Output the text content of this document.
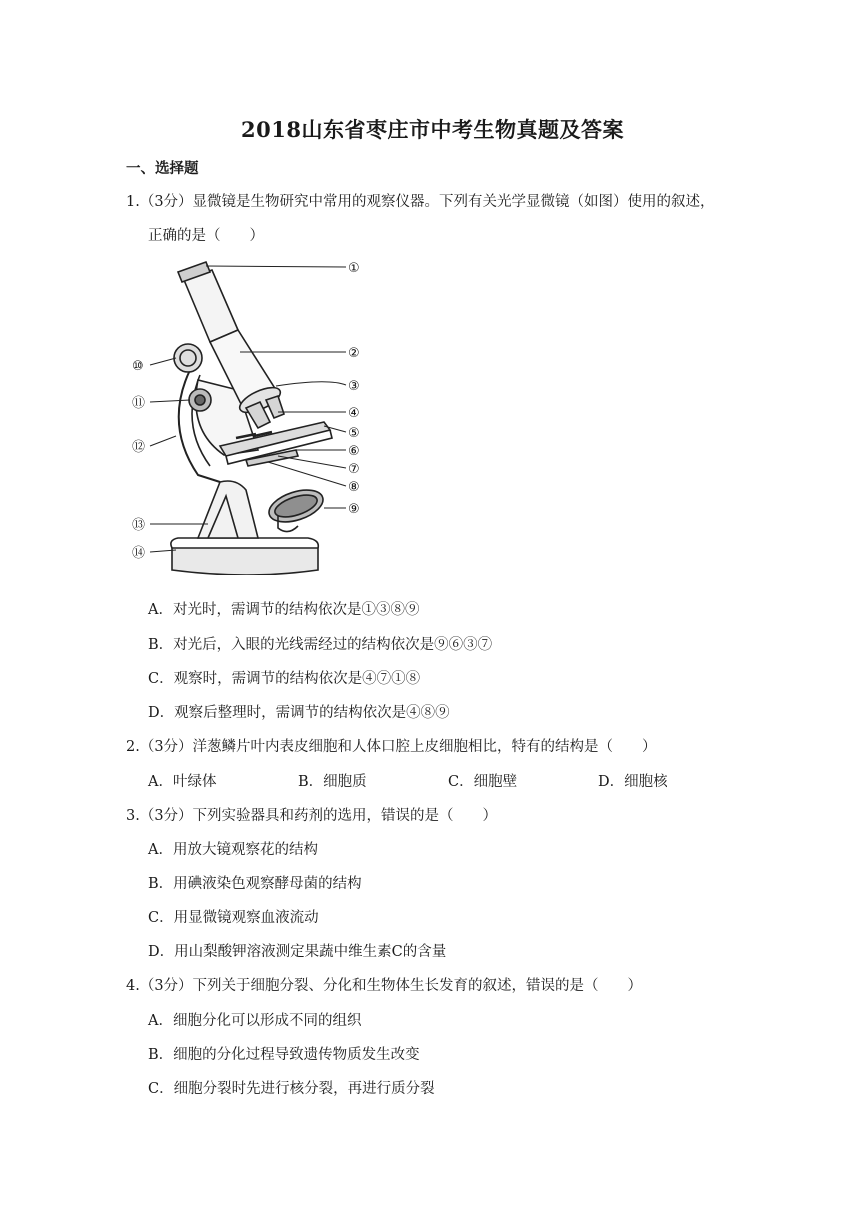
2018山东省枣庄市中考生物真题及答案
一、选择题
1.（3分）显微镜是生物研究中常用的观察仪器。下列有关光学显微镜（如图）使用的叙述，
正确的是（　　）
①
②
③
④
⑤
⑥
⑦
⑧
⑨
⑩
⑪
⑫
⑬
⑭
A．对光时，需调节的结构依次是①③⑧⑨
B．对光后，入眼的光线需经过的结构依次是⑨⑥③⑦
C．观察时，需调节的结构依次是④⑦①⑧
D．观察后整理时，需调节的结构依次是④⑧⑨
2.（3分）洋葱鳞片叶内表皮细胞和人体口腔上皮细胞相比，特有的结构是（　　）
A．叶绿体	B．细胞质	C．细胞壁	D．细胞核
3.（3分）下列实验器具和药剂的选用，错误的是（　　）
A．用放大镜观察花的结构
B．用碘液染色观察酵母菌的结构
C．用显微镜观察血液流动
D．用山梨酸钾溶液测定果蔬中维生素C的含量
4.（3分）下列关于细胞分裂、分化和生物体生长发育的叙述，错误的是（　　）
A．细胞分化可以形成不同的组织
B．细胞的分化过程导致遗传物质发生改变
C．细胞分裂时先进行核分裂，再进行质分裂
